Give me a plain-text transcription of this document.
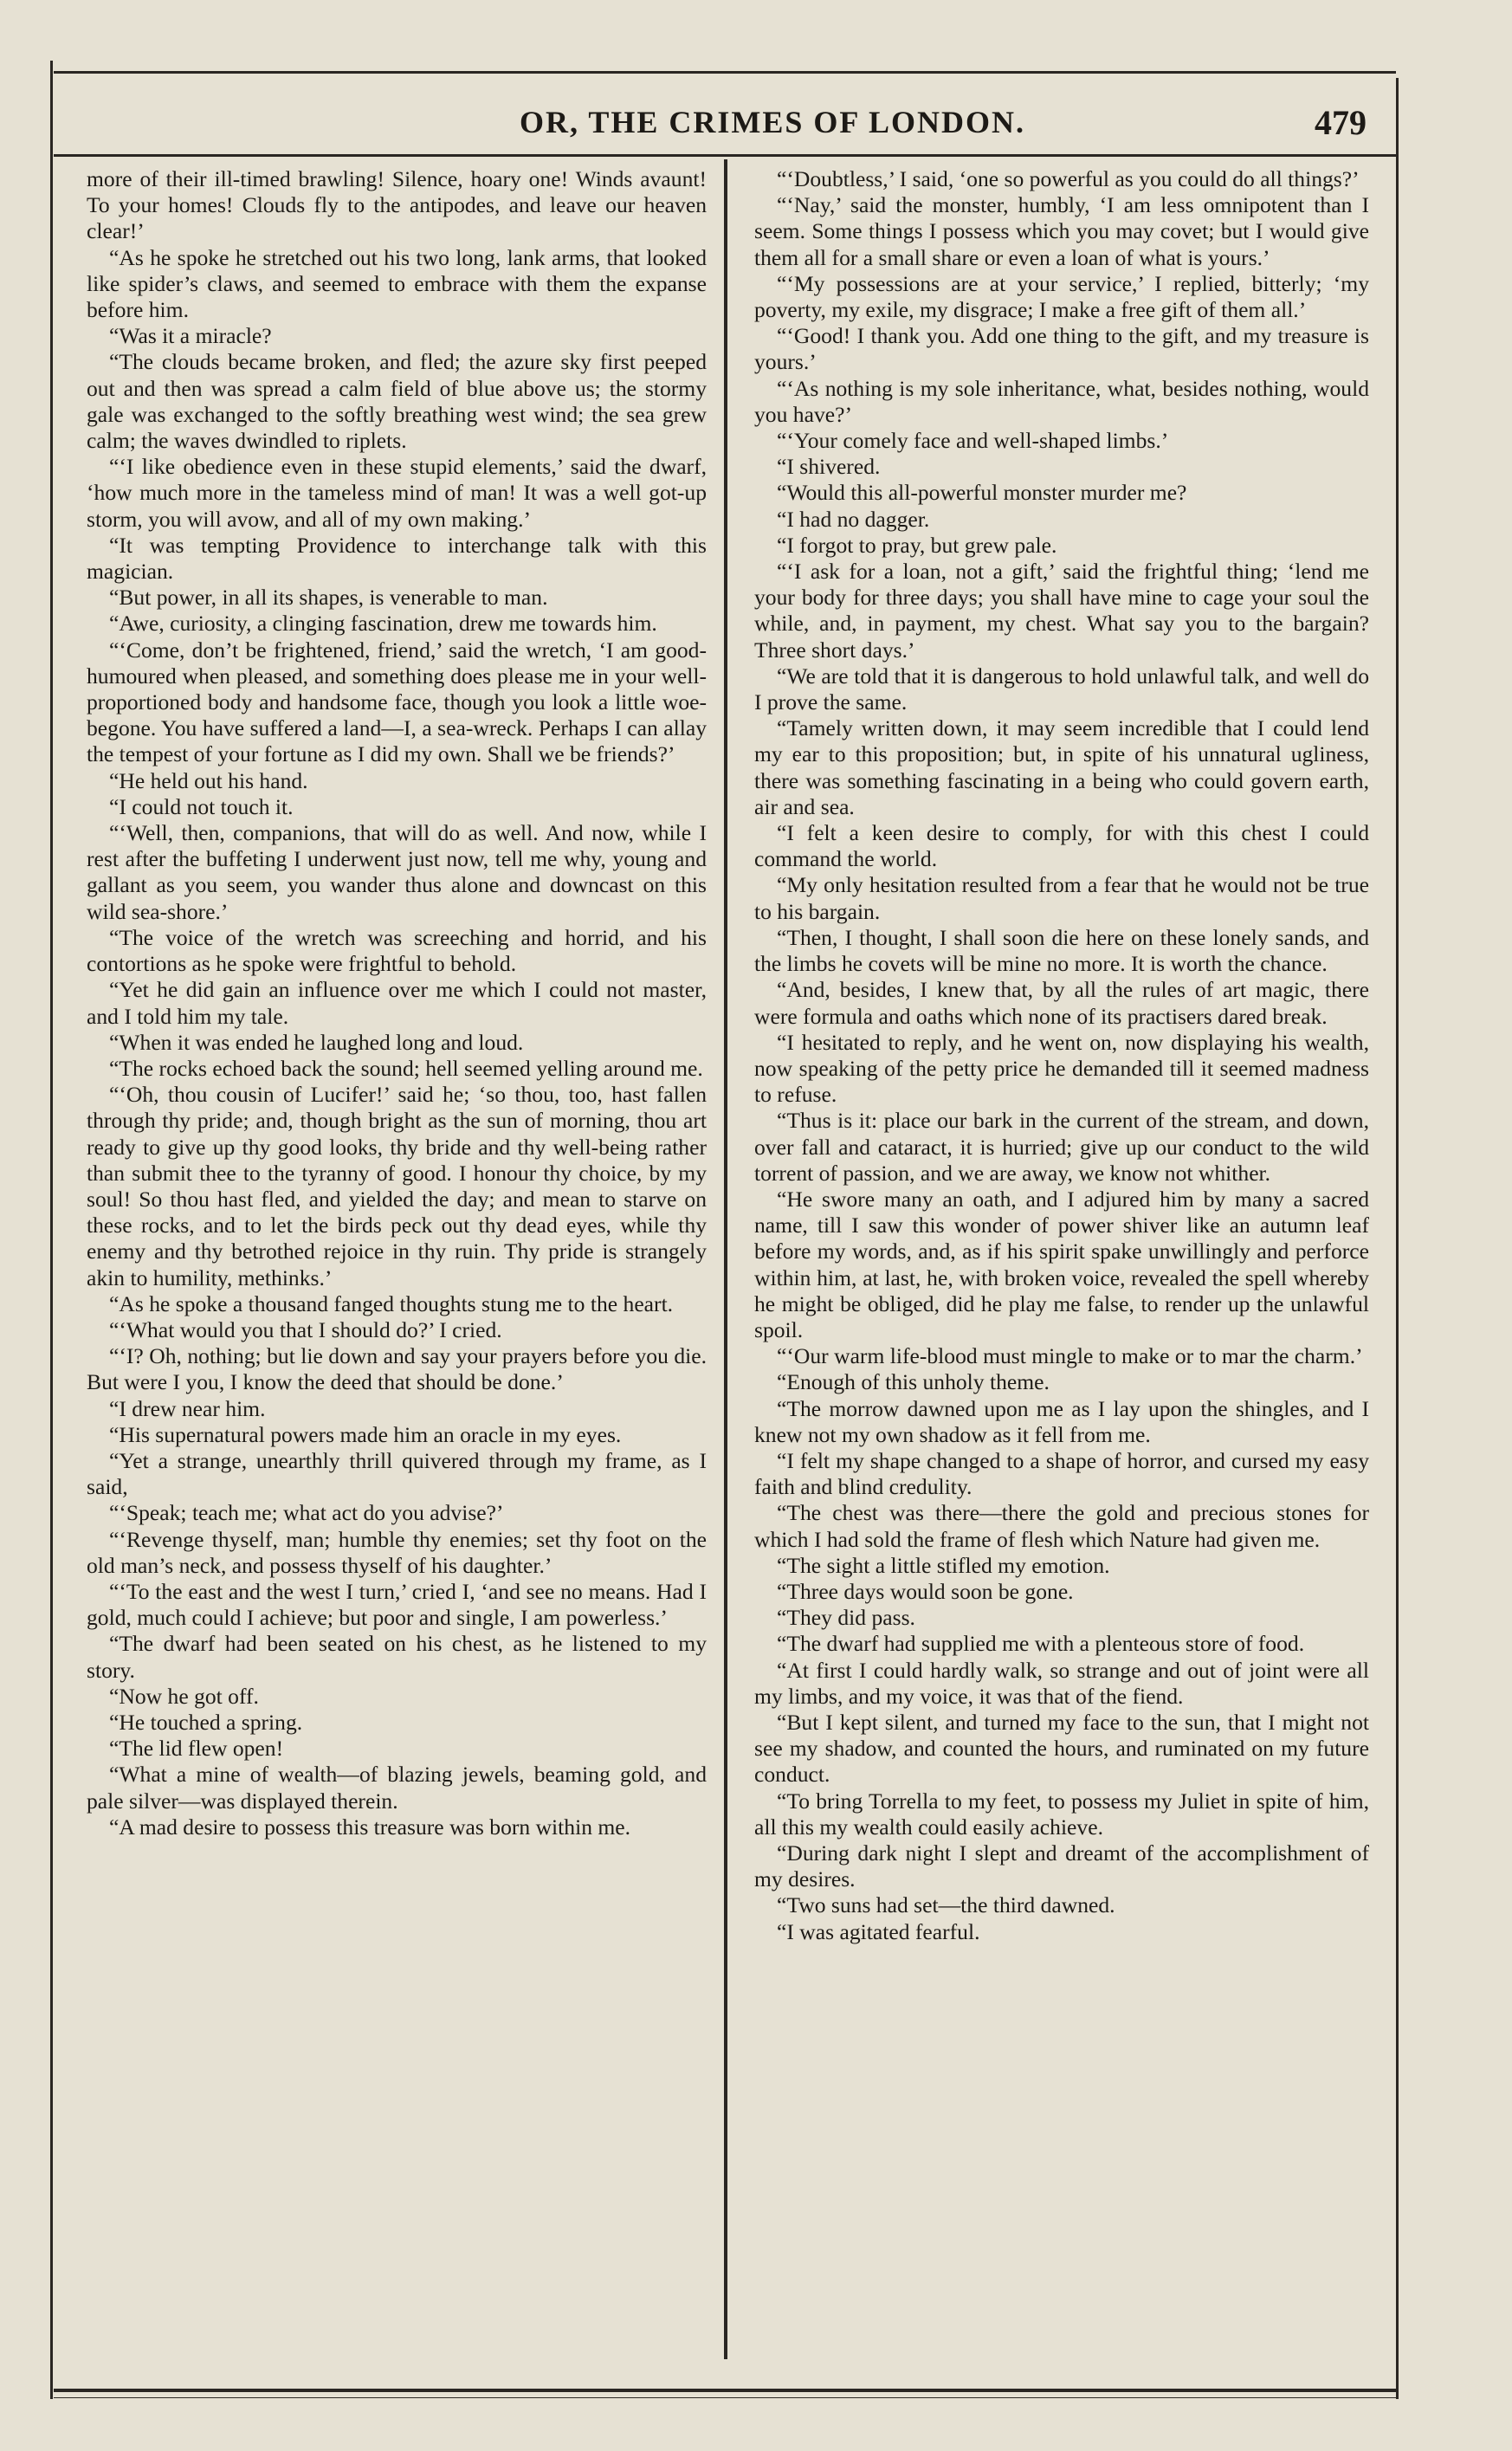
OR, THE CRIMES OF LONDON.	479

more of their ill-timed brawling! Silence, hoary one! Winds avaunt! To your homes! Clouds fly to the antipodes, and leave our heaven clear!’

“As he spoke he stretched out his two long, lank arms, that looked like spider’s claws, and seemed to embrace with them the expanse before him.

“Was it a miracle?

“The clouds became broken, and fled; the azure sky first peeped out and then was spread a calm field of blue above us; the stormy gale was exchanged to the softly breathing west wind; the sea grew calm; the waves dwindled to riplets.

“‘I like obedience even in these stupid elements,’ said the dwarf, ‘how much more in the tameless mind of man! It was a well got-up storm, you will avow, and all of my own making.’

“It was tempting Providence to interchange talk with this magician.

“But power, in all its shapes, is venerable to man.

“Awe, curiosity, a clinging fascination, drew me towards him.

“‘Come, don’t be frightened, friend,’ said the wretch, ‘I am good-humoured when pleased, and something does please me in your well-proportioned body and handsome face, though you look a little woe-begone. You have suffered a land—I, a sea-wreck. Perhaps I can allay the tempest of your fortune as I did my own. Shall we be friends?’

“He held out his hand.

“I could not touch it.

“‘Well, then, companions, that will do as well. And now, while I rest after the buffeting I underwent just now, tell me why, young and gallant as you seem, you wander thus alone and downcast on this wild sea-shore.’

“The voice of the wretch was screeching and horrid, and his contortions as he spoke were frightful to behold.

“Yet he did gain an influence over me which I could not master, and I told him my tale.

“When it was ended he laughed long and loud.

“The rocks echoed back the sound; hell seemed yelling around me.

“‘Oh, thou cousin of Lucifer!’ said he; ‘so thou, too, hast fallen through thy pride; and, though bright as the sun of morning, thou art ready to give up thy good looks, thy bride and thy well-being rather than submit thee to the tyranny of good. I honour thy choice, by my soul! So thou hast fled, and yielded the day; and mean to starve on these rocks, and to let the birds peck out thy dead eyes, while thy enemy and thy betrothed rejoice in thy ruin. Thy pride is strangely akin to humility, methinks.’

“As he spoke a thousand fanged thoughts stung me to the heart.

“‘What would you that I should do?’ I cried.

“‘I? Oh, nothing; but lie down and say your prayers before you die. But were I you, I know the deed that should be done.’

“I drew near him.

“His supernatural powers made him an oracle in my eyes.

“Yet a strange, unearthly thrill quivered through my frame, as I said,

“‘Speak; teach me; what act do you advise?’

“‘Revenge thyself, man; humble thy enemies; set thy foot on the old man’s neck, and possess thyself of his daughter.’

“‘To the east and the west I turn,’ cried I, ‘and see no means. Had I gold, much could I achieve; but poor and single, I am powerless.’

“The dwarf had been seated on his chest, as he listened to my story.

“Now he got off.

“He touched a spring.

“The lid flew open!

“What a mine of wealth—of blazing jewels, beaming gold, and pale silver—was displayed therein.

“A mad desire to possess this treasure was born within me.

“‘Doubtless,’ I said, ‘one so powerful as you could do all things?’

“‘Nay,’ said the monster, humbly, ‘I am less omnipotent than I seem. Some things I possess which you may covet; but I would give them all for a small share or even a loan of what is yours.’

“‘My possessions are at your service,’ I replied, bitterly; ‘my poverty, my exile, my disgrace; I make a free gift of them all.’

“‘Good! I thank you. Add one thing to the gift, and my treasure is yours.’

“‘As nothing is my sole inheritance, what, besides nothing, would you have?’

“‘Your comely face and well-shaped limbs.’

“I shivered.

“Would this all-powerful monster murder me?

“I had no dagger.

“I forgot to pray, but grew pale.

“‘I ask for a loan, not a gift,’ said the frightful thing; ‘lend me your body for three days; you shall have mine to cage your soul the while, and, in payment, my chest. What say you to the bargain? Three short days.’

“We are told that it is dangerous to hold unlawful talk, and well do I prove the same.

“Tamely written down, it may seem incredible that I could lend my ear to this proposition; but, in spite of his unnatural ugliness, there was something fascinating in a being who could govern earth, air and sea.

“I felt a keen desire to comply, for with this chest I could command the world.

“My only hesitation resulted from a fear that he would not be true to his bargain.

“Then, I thought, I shall soon die here on these lonely sands, and the limbs he covets will be mine no more. It is worth the chance.

“And, besides, I knew that, by all the rules of art magic, there were formula and oaths which none of its practisers dared break.

“I hesitated to reply, and he went on, now displaying his wealth, now speaking of the petty price he demanded till it seemed madness to refuse.

“Thus is it: place our bark in the current of the stream, and down, over fall and cataract, it is hurried; give up our conduct to the wild torrent of passion, and we are away, we know not whither.

“He swore many an oath, and I adjured him by many a sacred name, till I saw this wonder of power shiver like an autumn leaf before my words, and, as if his spirit spake unwillingly and perforce within him, at last, he, with broken voice, revealed the spell whereby he might be obliged, did he play me false, to render up the unlawful spoil.

“‘Our warm life-blood must mingle to make or to mar the charm.’

“Enough of this unholy theme.

“The morrow dawned upon me as I lay upon the shingles, and I knew not my own shadow as it fell from me.

“I felt my shape changed to a shape of horror, and cursed my easy faith and blind credulity.

“The chest was there—there the gold and precious stones for which I had sold the frame of flesh which Nature had given me.

“The sight a little stifled my emotion.

“Three days would soon be gone.

“They did pass.

“The dwarf had supplied me with a plenteous store of food.

“At first I could hardly walk, so strange and out of joint were all my limbs, and my voice, it was that of the fiend.

“But I kept silent, and turned my face to the sun, that I might not see my shadow, and counted the hours, and ruminated on my future conduct.

“To bring Torrella to my feet, to possess my Juliet in spite of him, all this my wealth could easily achieve.

“During dark night I slept and dreamt of the accomplishment of my desires.

“Two suns had set—the third dawned.

“I was agitated fearful.
